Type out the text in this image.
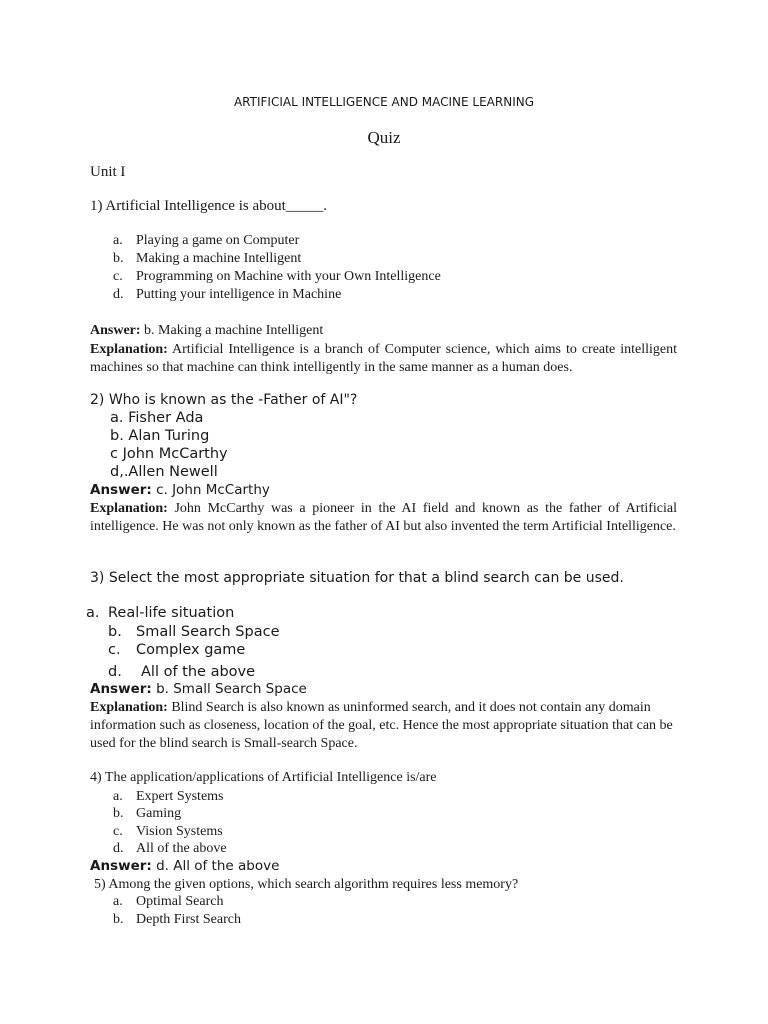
ARTIFICIAL INTELLIGENCE AND MACINE LEARNING

Quiz

Unit I

1) Artificial Intelligence is about_____.

a. Playing a game on Computer

b. Making a machine Intelligent

c. Programming on Machine with your Own Intelligence

d. Putting your intelligence in Machine

Answer: b. Making a machine Intelligent

Explanation: Artificial Intelligence is a branch of Computer science, which aims to create intelligent machines so that machine can think intelligently in the same manner as a human does.

2) Who is known as the -Father of AI"?

a. Fisher Ada

b. Alan Turing

c John McCarthy

d,.Allen Newell

Answer: c. John McCarthy

Explanation: John McCarthy was a pioneer in the AI field and known as the father of Artificial intelligence. He was not only known as the father of AI but also invented the term Artificial Intelligence.

3) Select the most appropriate situation for that a blind search can be used.

a. Real-life situation

b. Small Search Space

c. Complex game

d. All of the above

Answer: b. Small Search Space

Explanation: Blind Search is also known as uninformed search, and it does not contain any domain information such as closeness, location of the goal, etc. Hence the most appropriate situation that can be used for the blind search is Small-search Space.

4) The application/applications of Artificial Intelligence is/are

a. Expert Systems

b. Gaming

c. Vision Systems

d. All of the above

Answer: d. All of the above

5) Among the given options, which search algorithm requires less memory?

a. Optimal Search

b. Depth First Search
